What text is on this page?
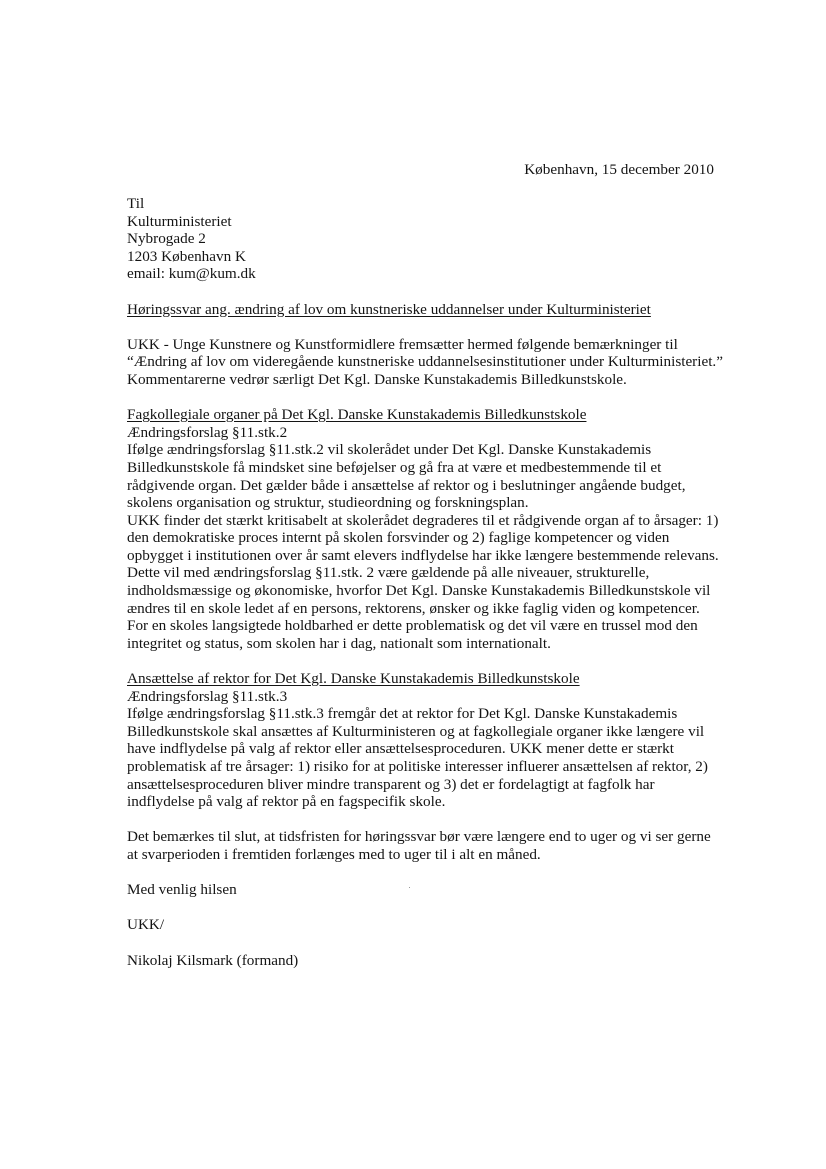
København, 15 december 2010
Til
Kulturministeriet
Nybrogade 2
1203 København K
email: kum@kum.dk
Høringssvar ang. ændring af lov om kunstneriske uddannelser under Kulturministeriet
UKK - Unge Kunstnere og Kunstformidlere fremsætter hermed følgende bemærkninger til
“Ændring af lov om videregående kunstneriske uddannelsesinstitutioner under Kulturministeriet.”
Kommentarerne vedrør særligt Det Kgl. Danske Kunstakademis Billedkunstskole.
Fagkollegiale organer på Det Kgl. Danske Kunstakademis Billedkunstskole
Ændringsforslag §11.stk.2
Ifølge ændringsforslag §11.stk.2 vil skolerådet under Det Kgl. Danske Kunstakademis
Billedkunstskole få mindsket sine beføjelser og gå fra at være et medbestemmende til et
rådgivende organ. Det gælder både i ansættelse af rektor og i beslutninger angående budget,
skolens organisation og struktur, studieordning og forskningsplan.
UKK finder det stærkt kritisabelt at skolerådet degraderes til et rådgivende organ af to årsager: 1)
den demokratiske proces internt på skolen forsvinder og 2) faglige kompetencer og viden
opbygget i institutionen over år samt elevers indflydelse har ikke længere bestemmende relevans.
Dette vil med ændringsforslag §11.stk. 2 være gældende på alle niveauer, strukturelle,
indholdsmæssige og økonomiske, hvorfor Det Kgl. Danske Kunstakademis Billedkunstskole vil
ændres til en skole ledet af en persons, rektorens, ønsker og ikke faglig viden og kompetencer.
For en skoles langsigtede holdbarhed er dette problematisk og det vil være en trussel mod den
integritet og status, som skolen har i dag, nationalt som internationalt.
Ansættelse af rektor for Det Kgl. Danske Kunstakademis Billedkunstskole
Ændringsforslag §11.stk.3
Ifølge ændringsforslag §11.stk.3 fremgår det at rektor for Det Kgl. Danske Kunstakademis
Billedkunstskole skal ansættes af Kulturministeren og at fagkollegiale organer ikke længere vil
have indflydelse på valg af rektor eller ansættelsesproceduren. UKK mener dette er stærkt
problematisk af tre årsager: 1) risiko for at politiske interesser influerer ansættelsen af rektor, 2)
ansættelsesproceduren bliver mindre transparent og 3) det er fordelagtigt at fagfolk har
indflydelse på valg af rektor på en fagspecifik skole.
Det bemærkes til slut, at tidsfristen for høringssvar bør være længere end to uger og vi ser gerne
at svarperioden i fremtiden forlænges med to uger til i alt en måned.
Med venlig hilsen
UKK/
Nikolaj Kilsmark (formand)
